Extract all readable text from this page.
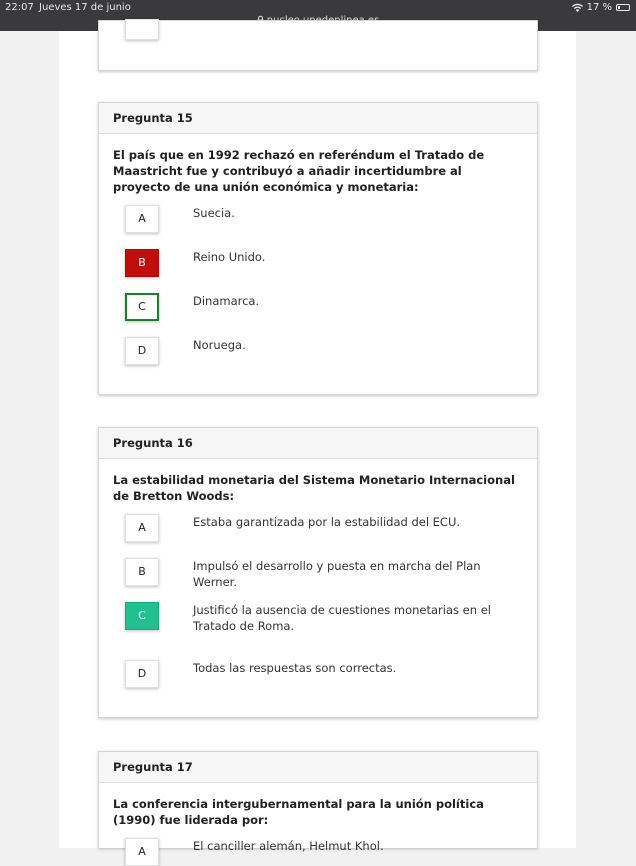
22:07 Jueves 17 de junio	17 %
Pregunta 15
El país que en 1992 rechazó en referéndum el Tratado de Maastricht fue y contribuyó a añadir incertidumbre al proyecto de una unión económica y monetaria:
A	Suecia.
B	Reino Unido.
C	Dinamarca.
D	Noruega.
Pregunta 16
La estabilidad monetaria del Sistema Monetario Internacional de Bretton Woods:
A	Estaba garantizada por la estabilidad del ECU.
B	Impulsó el desarrollo y puesta en marcha del Plan Werner.
C	Justificó la ausencia de cuestiones monetarias en el Tratado de Roma.
D	Todas las respuestas son correctas.
Pregunta 17
La conferencia intergubernamental para la unión política (1990) fue liderada por:
A	El canciller alemán, Helmut Khol.
